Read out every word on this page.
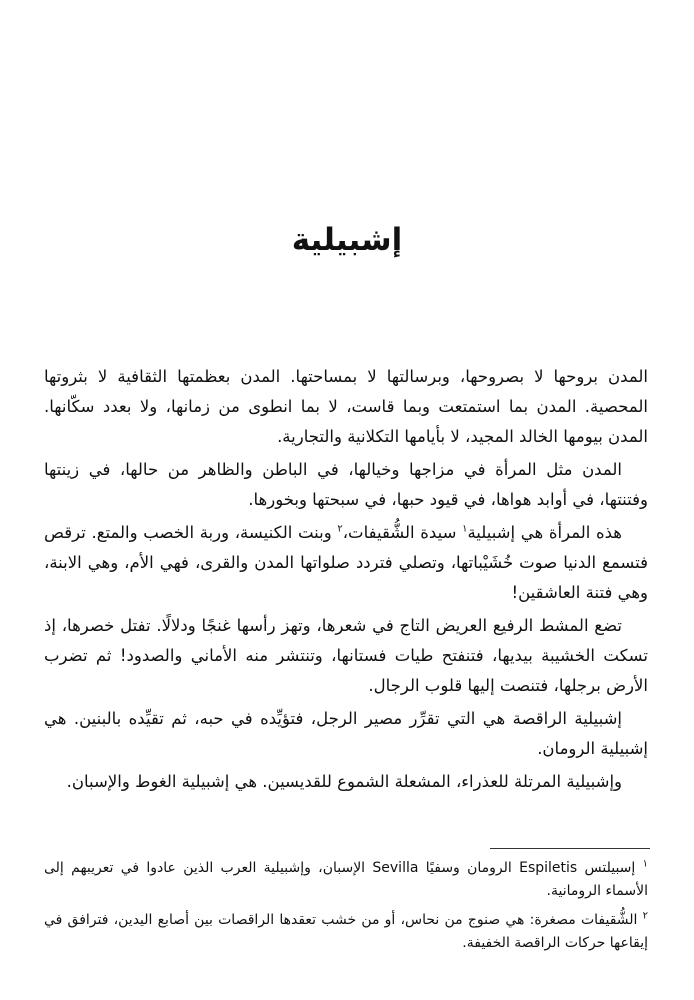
إشبيلية

المدن بروحها لا بصروحها، وبرسالتها لا بمساحتها. المدن بعظمتها الثقافية لا بثروتها المحصية. المدن بما استمتعت وبما قاست، لا بما انطوى من زمانها، ولا بعدد سكّانها. المدن بيومها الخالد المجيد، لا بأيامها التكلانية والتجارية.

المدن مثل المرأة في مزاجها وخيالها، في الباطن والظاهر من حالها، في زينتها وفتنتها، في أوابد هواها، في قيود حبها، في سبحتها وبخورها.

هذه المرأة هي إشبيلية$^١$ سيدة الشُّقيفات،$^٢$ وبنت الكنيسة، وربة الخصب والمتع. ترقص فتسمع الدنيا صوت خُشَيْباتها، وتصلي فتردد صلواتها المدن والقرى، فهي الأم، وهي الابنة، وهي فتنة العاشقين!

تضع المشط الرفيع العريض التاج في شعرها، وتهز رأسها غنجًا ودلالًا. تفتل خصرها، إذ تسكت الخشيبة بيديها، فتنفتح طيات فستانها، وتنتشر منه الأماني والصدود! ثم تضرب الأرض برجلها، فتنصت إليها قلوب الرجال.

إشبيلية الراقصة هي التي تقرِّر مصير الرجل، فتؤيِّده في حبه، ثم تقيِّده بالبنين. هي إشبيلية الرومان.

وإشبيلية المرتلة للعذراء، المشعلة الشموع للقديسين. هي إشبيلية الغوط والإسبان.

$^١$ إسبيلتس Espiletis الرومان وسفيًا Sevilla الإسبان، وإشبيلية العرب الذين عادوا في تعريبهم إلى الأسماء الرومانية.

$^٢$ الشُّقيفات مصغرة: هي صنوج من نحاس، أو من خشب تعقدها الراقصات بين أصابع اليدين، فترافق في إيقاعها حركات الراقصة الخفيفة.
